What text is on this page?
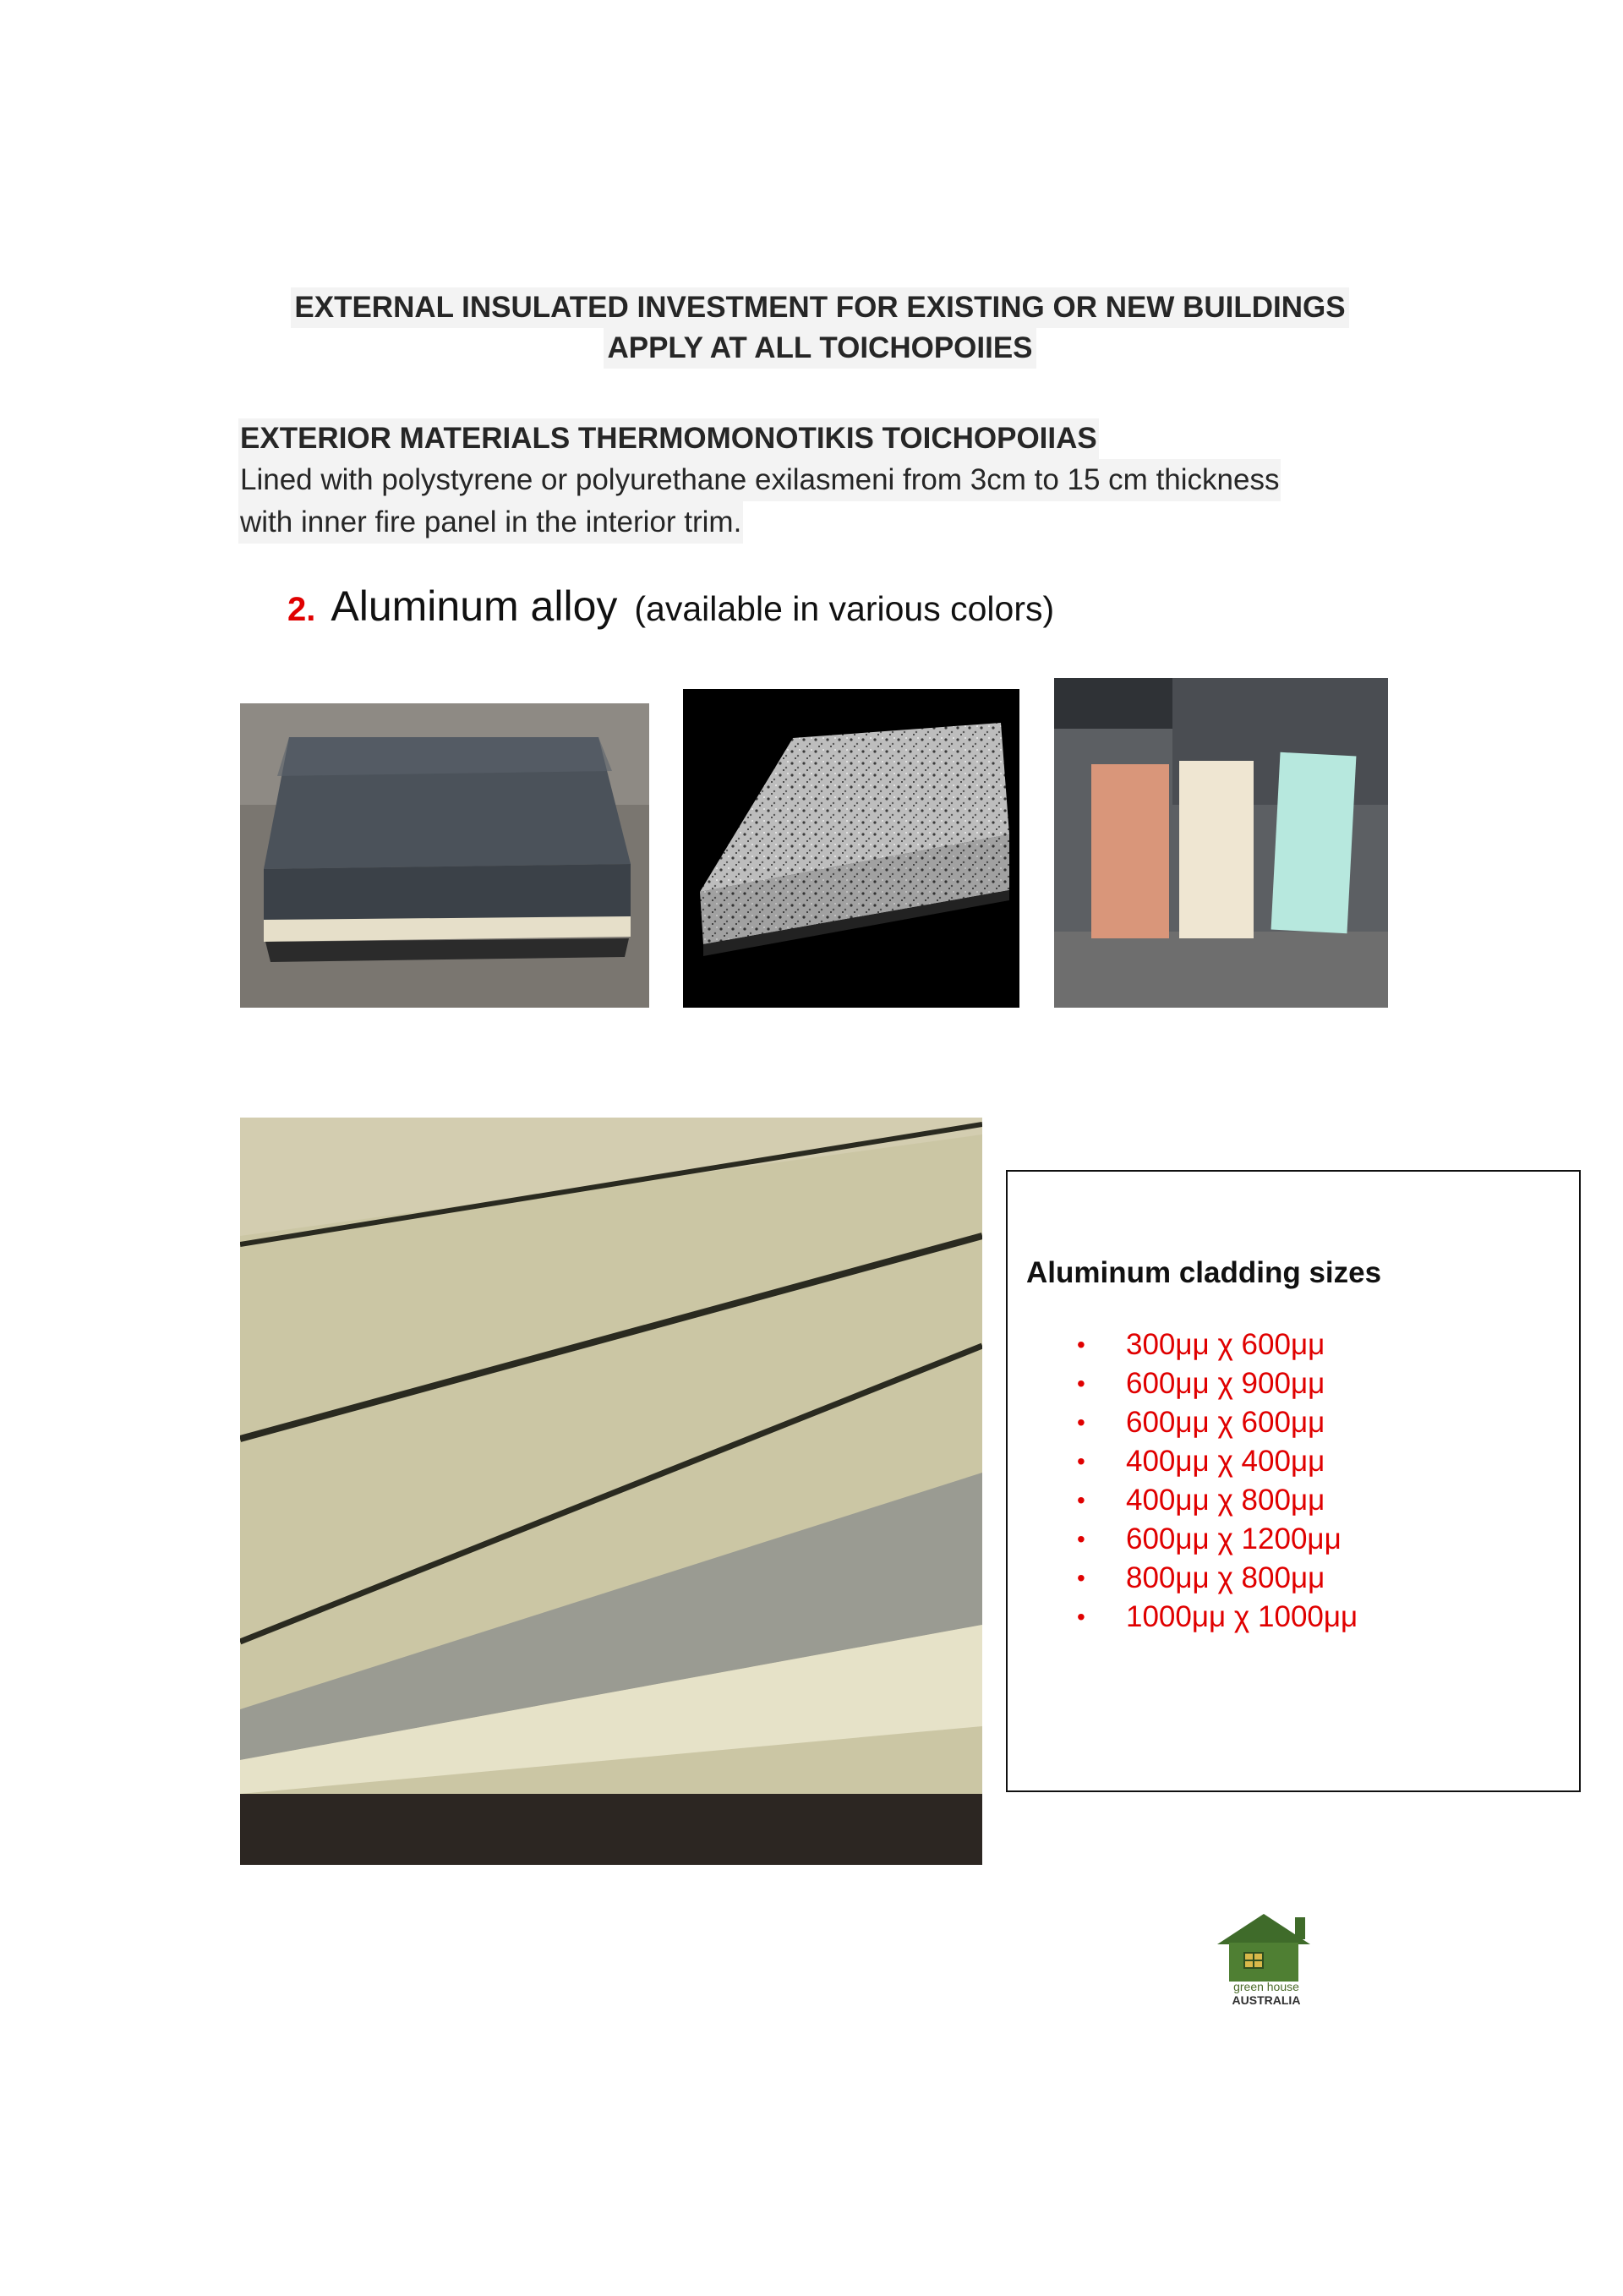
EXTERNAL INSULATED INVESTMENT FOR EXISTING OR NEW BUILDINGS
APPLY AT ALL TOICHOPOIIES
EXTERIOR MATERIALS THERMOMONOTIKIS TOICHOPOIIAS
Lined with polystyrene or polyurethane exilasmeni from 3cm to 15 cm thickness
with inner fire panel in the interior trim.
2. Aluminum alloy (available in various colors)
Aluminum cladding sizes
• 300μμ χ 600μμ
• 600μμ χ 900μμ
• 600μμ χ 600μμ
• 400μμ χ 400μμ
• 400μμ χ 800μμ
• 600μμ χ 1200μμ
• 800μμ χ 800μμ
• 1000μμ χ 1000μμ
green house
AUSTRALIA
